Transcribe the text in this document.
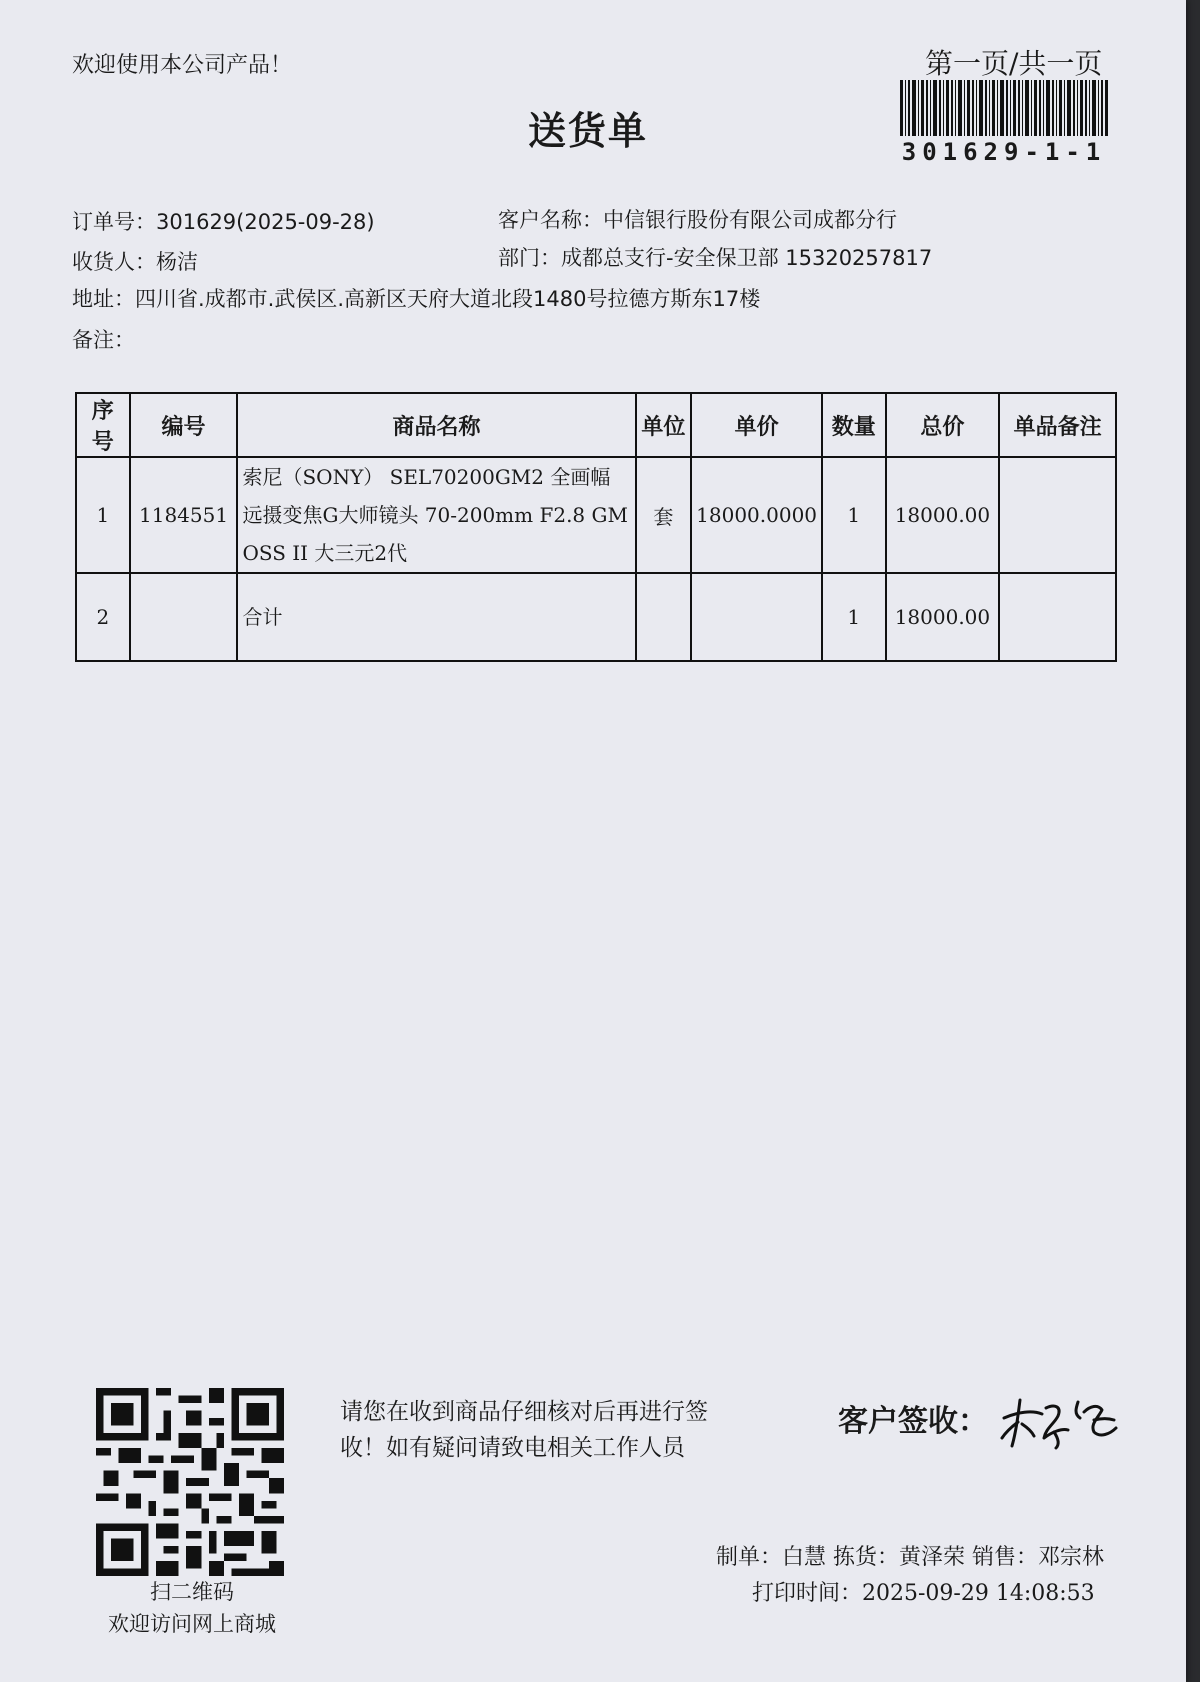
欢迎使用本公司产品！	第一页/共一页
送货单	301629-1-1
订单号：301629(2025-09-28)	客户名称：中信银行股份有限公司成都分行
收货人：杨洁	部门：成都总支行-安全保卫部 15320257817
地址：四川省.成都市.武侯区.高新区天府大道北段1480号拉德方斯东17楼
备注：
序号	编号	商品名称	单位	单价	数量	总价	单品备注
1	1184551	索尼（SONY） SEL70200GM2 全画幅
远摄变焦G大师镜头 70-200mm F2.8 GM
OSS II 大三元2代	套	18000.0000	1	18000.00	
2		合计			1	18000.00	
扫二维码
欢迎访问网上商城
请您在收到商品仔细核对后再进行签
收！如有疑问请致电相关工作人员
客户签收：
制单：白慧 拣货：黄泽荣 销售：邓宗林
打印时间：2025-09-29 14:08:53
